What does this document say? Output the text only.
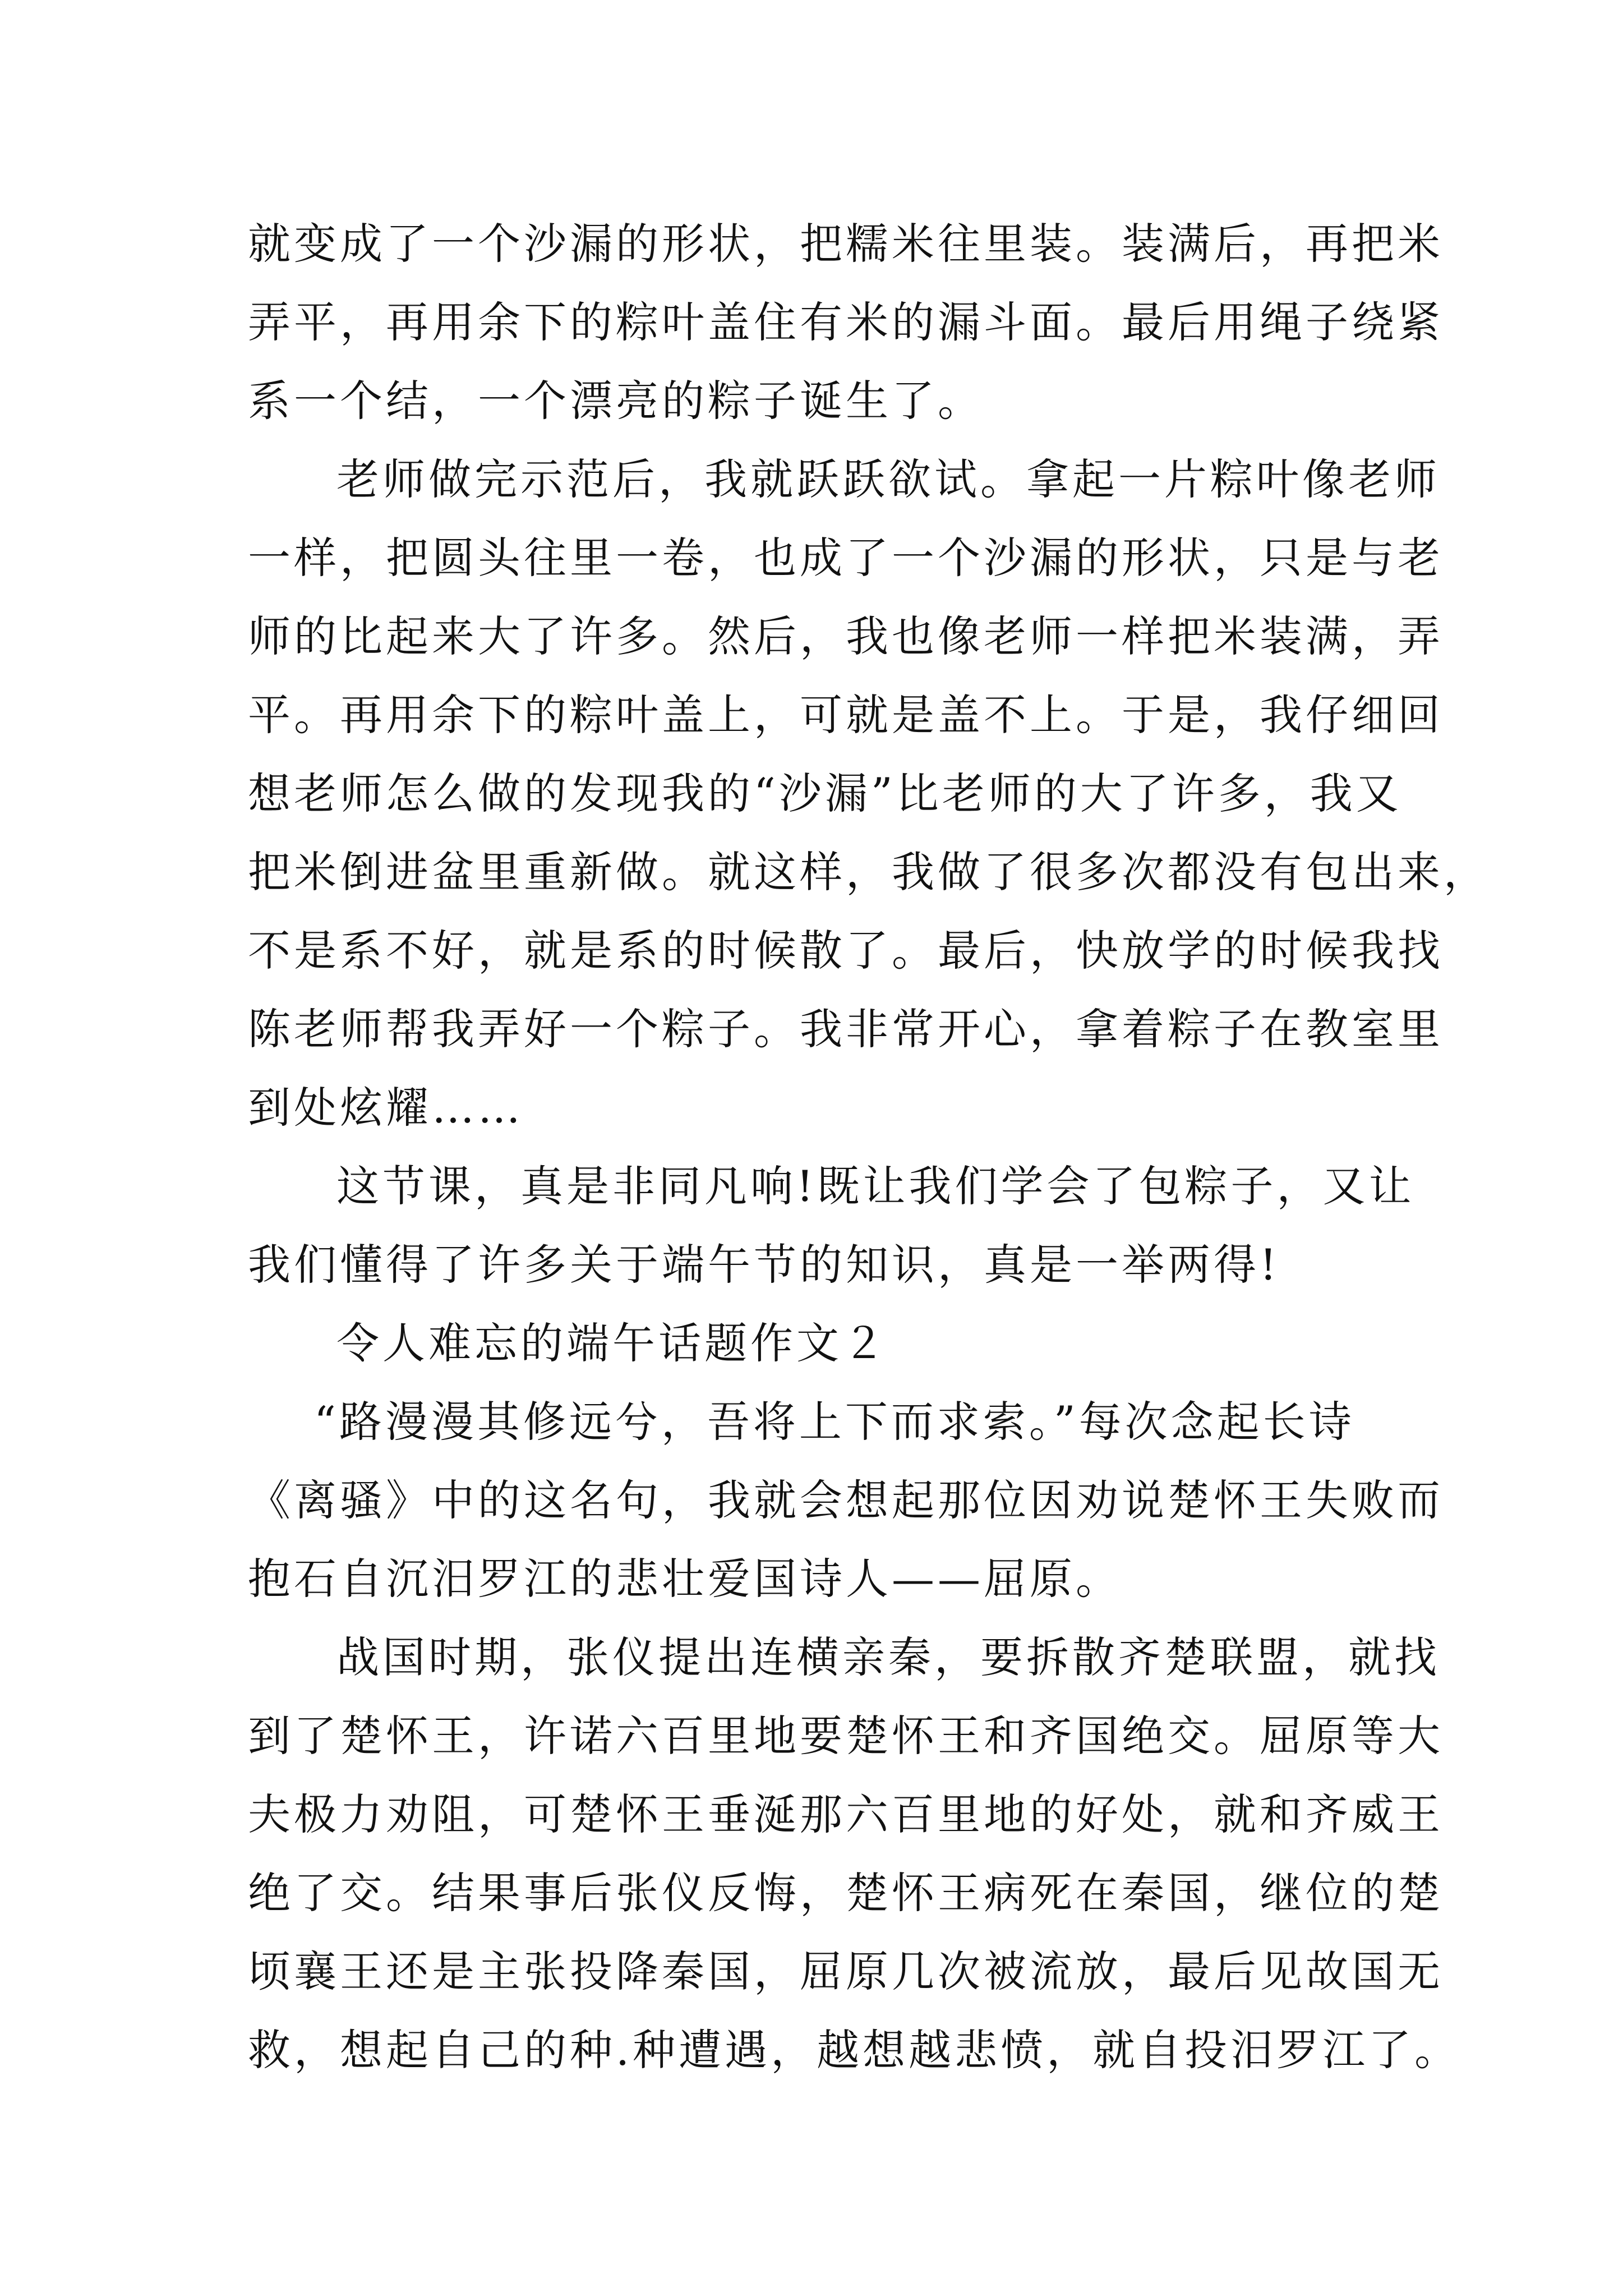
就变成了一个沙漏的形状，把糯米往里装。装满后，再把米
弄平，再用余下的粽叶盖住有米的漏斗面。最后用绳子绕紧
系一个结，一个漂亮的粽子诞生了。
老师做完示范后，我就跃跃欲试。拿起一片粽叶像老师
一样，把圆头往里一卷，也成了一个沙漏的形状，只是与老
师的比起来大了许多。然后，我也像老师一样把米装满，弄
平。再用余下的粽叶盖上，可就是盖不上。于是，我仔细回
想老师怎么做的发现我的“沙漏”比老师的大了许多，我又
把米倒进盆里重新做。就这样，我做了很多次都没有包出来，
不是系不好，就是系的时候散了。最后，快放学的时候我找
陈老师帮我弄好一个粽子。我非常开心，拿着粽子在教室里
到处炫耀……
这节课，真是非同凡响!既让我们学会了包粽子，又让
我们懂得了许多关于端午节的知识，真是一举两得!
令人难忘的端午话题作文２
“路漫漫其修远兮，吾将上下而求索。”每次念起长诗
《离骚》中的这名句，我就会想起那位因劝说楚怀王失败而
抱石自沉汨罗江的悲壮爱国诗人——屈原。
战国时期，张仪提出连横亲秦，要拆散齐楚联盟，就找
到了楚怀王，许诺六百里地要楚怀王和齐国绝交。屈原等大
夫极力劝阻，可楚怀王垂涎那六百里地的好处，就和齐威王
绝了交。结果事后张仪反悔，楚怀王病死在秦国，继位的楚
顷襄王还是主张投降秦国，屈原几次被流放，最后见故国无
救，想起自己的种.种遭遇，越想越悲愤，就自投汨罗江了。
